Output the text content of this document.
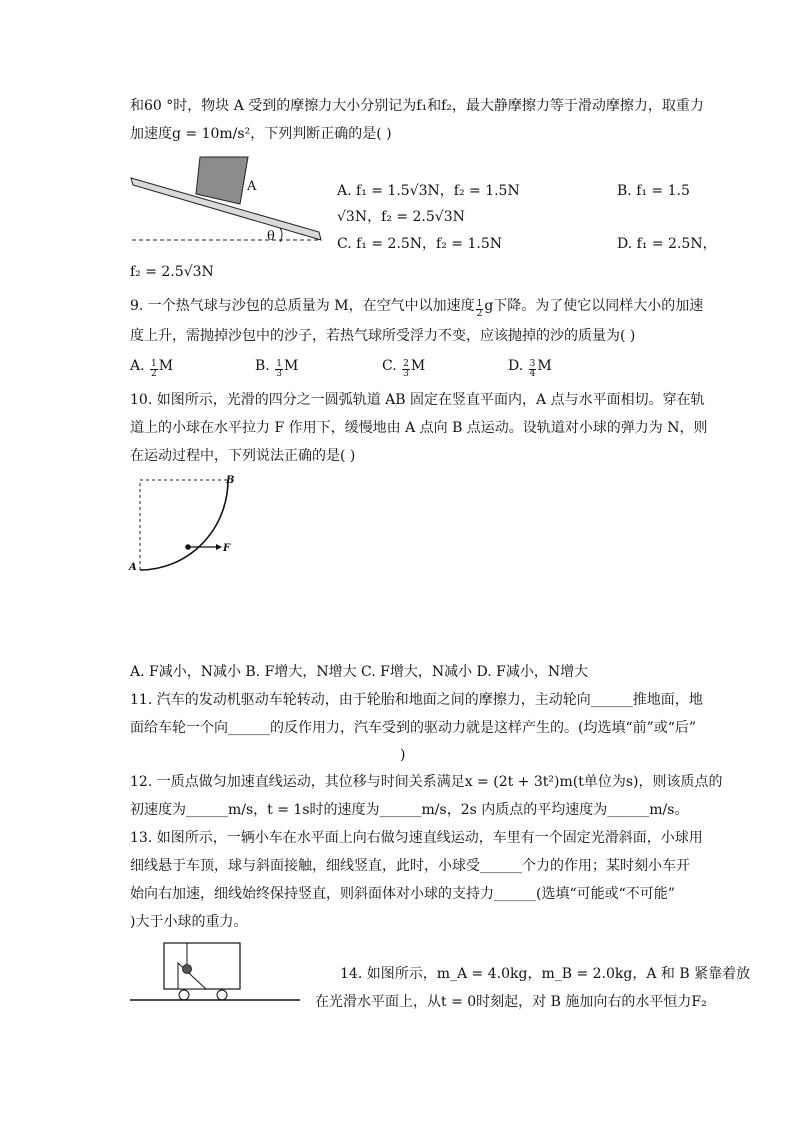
和60 °时，物块 A 受到的摩擦力大小分别记为f₁和f₂，最大静摩擦力等于滑动摩擦力，取重力
加速度g = 10m/s²，下列判断正确的是( )
A
θ
A. f₁ = 1.5√3N，f₂ = 1.5N	B. f₁ = 1.5
√3N，f₂ = 2.5√3N
C. f₁ = 2.5N，f₂ = 1.5N	D. f₁ = 2.5N，
f₂ = 2.5√3N
9. 一个热气球与沙包的总质量为 M，在空气中以加速度 $\frac{1}{2}$ g下降。为了使它以同样大小的加速
度上升，需抛掉沙包中的沙子，若热气球所受浮力不变，应该抛掉的沙的质量为( )
A. $\frac{1}{2}$ M	B. $\frac{1}{3}$ M	C. $\frac{2}{3}$ M	D. $\frac{3}{4}$ M
10. 如图所示，光滑的四分之一圆弧轨道 AB 固定在竖直平面内，A 点与水平面相切。穿在轨
道上的小球在水平拉力 F 作用下，缓慢地由 A 点向 B 点运动。设轨道对小球的弹力为 N，则
在运动过程中，下列说法正确的是( )
B
A
F
A. F减小，N减小 B. F增大，N增大 C. F增大，N减小 D. F减小，N增大
11. 汽车的发动机驱动车轮转动，由于轮胎和地面之间的摩擦力，主动轮向______推地面，地
面给车轮一个向______的反作用力，汽车受到的驱动力就是这样产生的。(均选填“前”或“后”
)
12. 一质点做匀加速直线运动，其位移与时间关系满足x = (2t + 3t²)m(t单位为s)，则该质点的
初速度为______m/s，t = 1s时的速度为______m/s，2s 内质点的平均速度为______m/s。
13. 如图所示，一辆小车在水平面上向右做匀速直线运动，车里有一个固定光滑斜面，小球用
细线悬于车顶，球与斜面接触，细线竖直，此时，小球受______个力的作用；某时刻小车开
始向右加速，细线始终保持竖直，则斜面体对小球的支持力______(选填“可能或“不可能”
)大于小球的重力。
14. 如图所示，m_A = 4.0kg，m_B = 2.0kg，A 和 B 紧靠着放
在光滑水平面上，从t = 0时刻起，对 B 施加向右的水平恒力F₂
